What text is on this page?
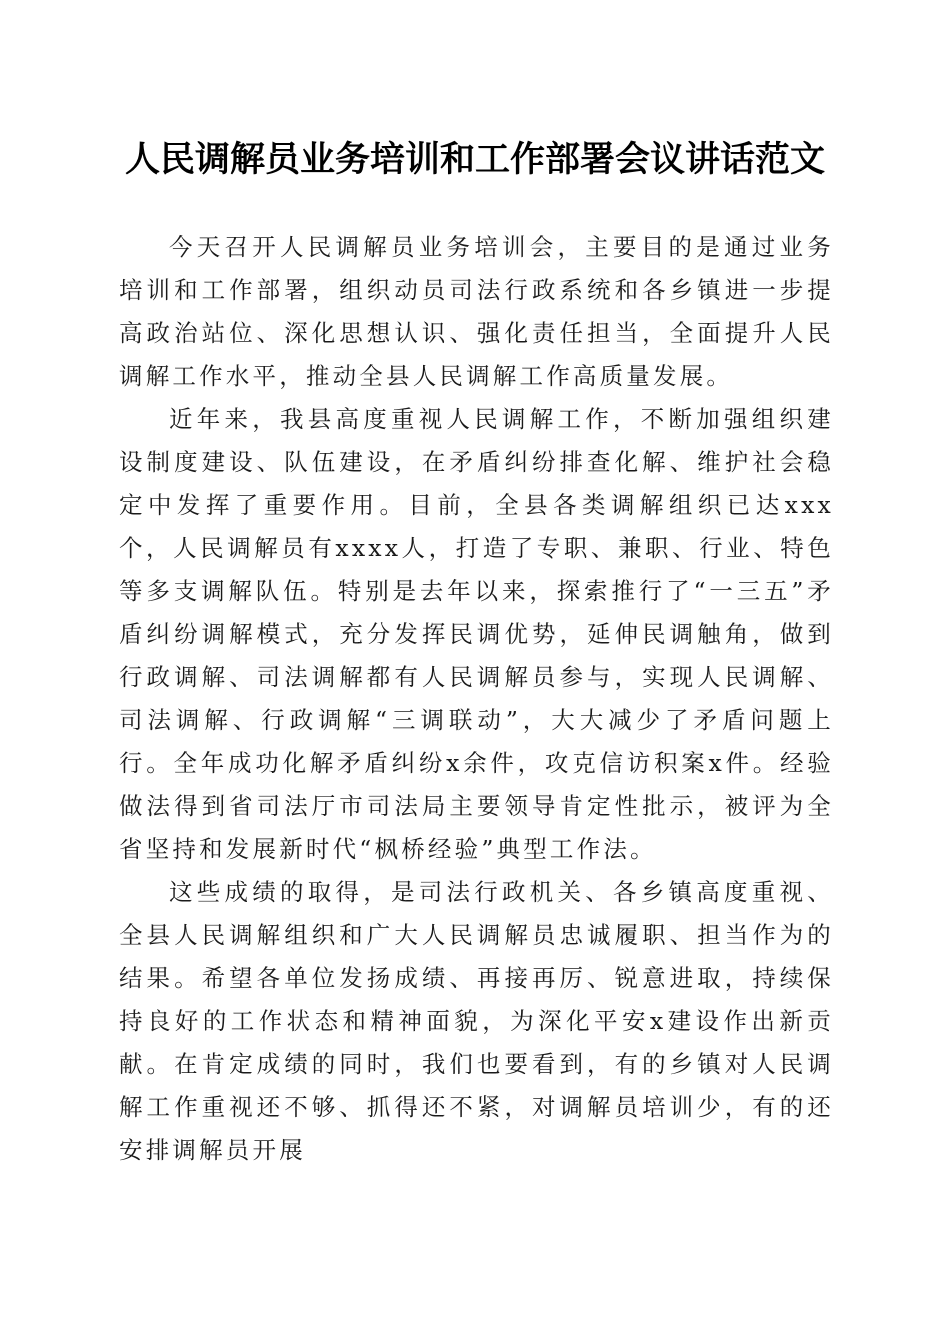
人民调解员业务培训和工作部署会议讲话范文

今天召开人民调解员业务培训会，主要目的是通过业务培训和工作部署，组织动员司法行政系统和各乡镇进一步提高政治站位、深化思想认识、强化责任担当，全面提升人民调解工作水平，推动全县人民调解工作高质量发展。

近年来，我县高度重视人民调解工作，不断加强组织建设制度建设、队伍建设，在矛盾纠纷排查化解、维护社会稳定中发挥了重要作用。目前，全县各类调解组织已达xxx个，人民调解员有xxxx人，打造了专职、兼职、行业、特色等多支调解队伍。特别是去年以来，探索推行了“一三五”矛盾纠纷调解模式，充分发挥民调优势，延伸民调触角，做到行政调解、司法调解都有人民调解员参与，实现人民调解、司法调解、行政调解“三调联动”，大大减少了矛盾问题上行。全年成功化解矛盾纠纷x余件，攻克信访积案x件。经验做法得到省司法厅市司法局主要领导肯定性批示，被评为全省坚持和发展新时代“枫桥经验”典型工作法。

这些成绩的取得，是司法行政机关、各乡镇高度重视、全县人民调解组织和广大人民调解员忠诚履职、担当作为的结果。希望各单位发扬成绩、再接再厉、锐意进取，持续保持良好的工作状态和精神面貌，为深化平安x建设作出新贡献。在肯定成绩的同时，我们也要看到，有的乡镇对人民调解工作重视还不够、抓得还不紧，对调解员培训少，有的还安排调解员开展
